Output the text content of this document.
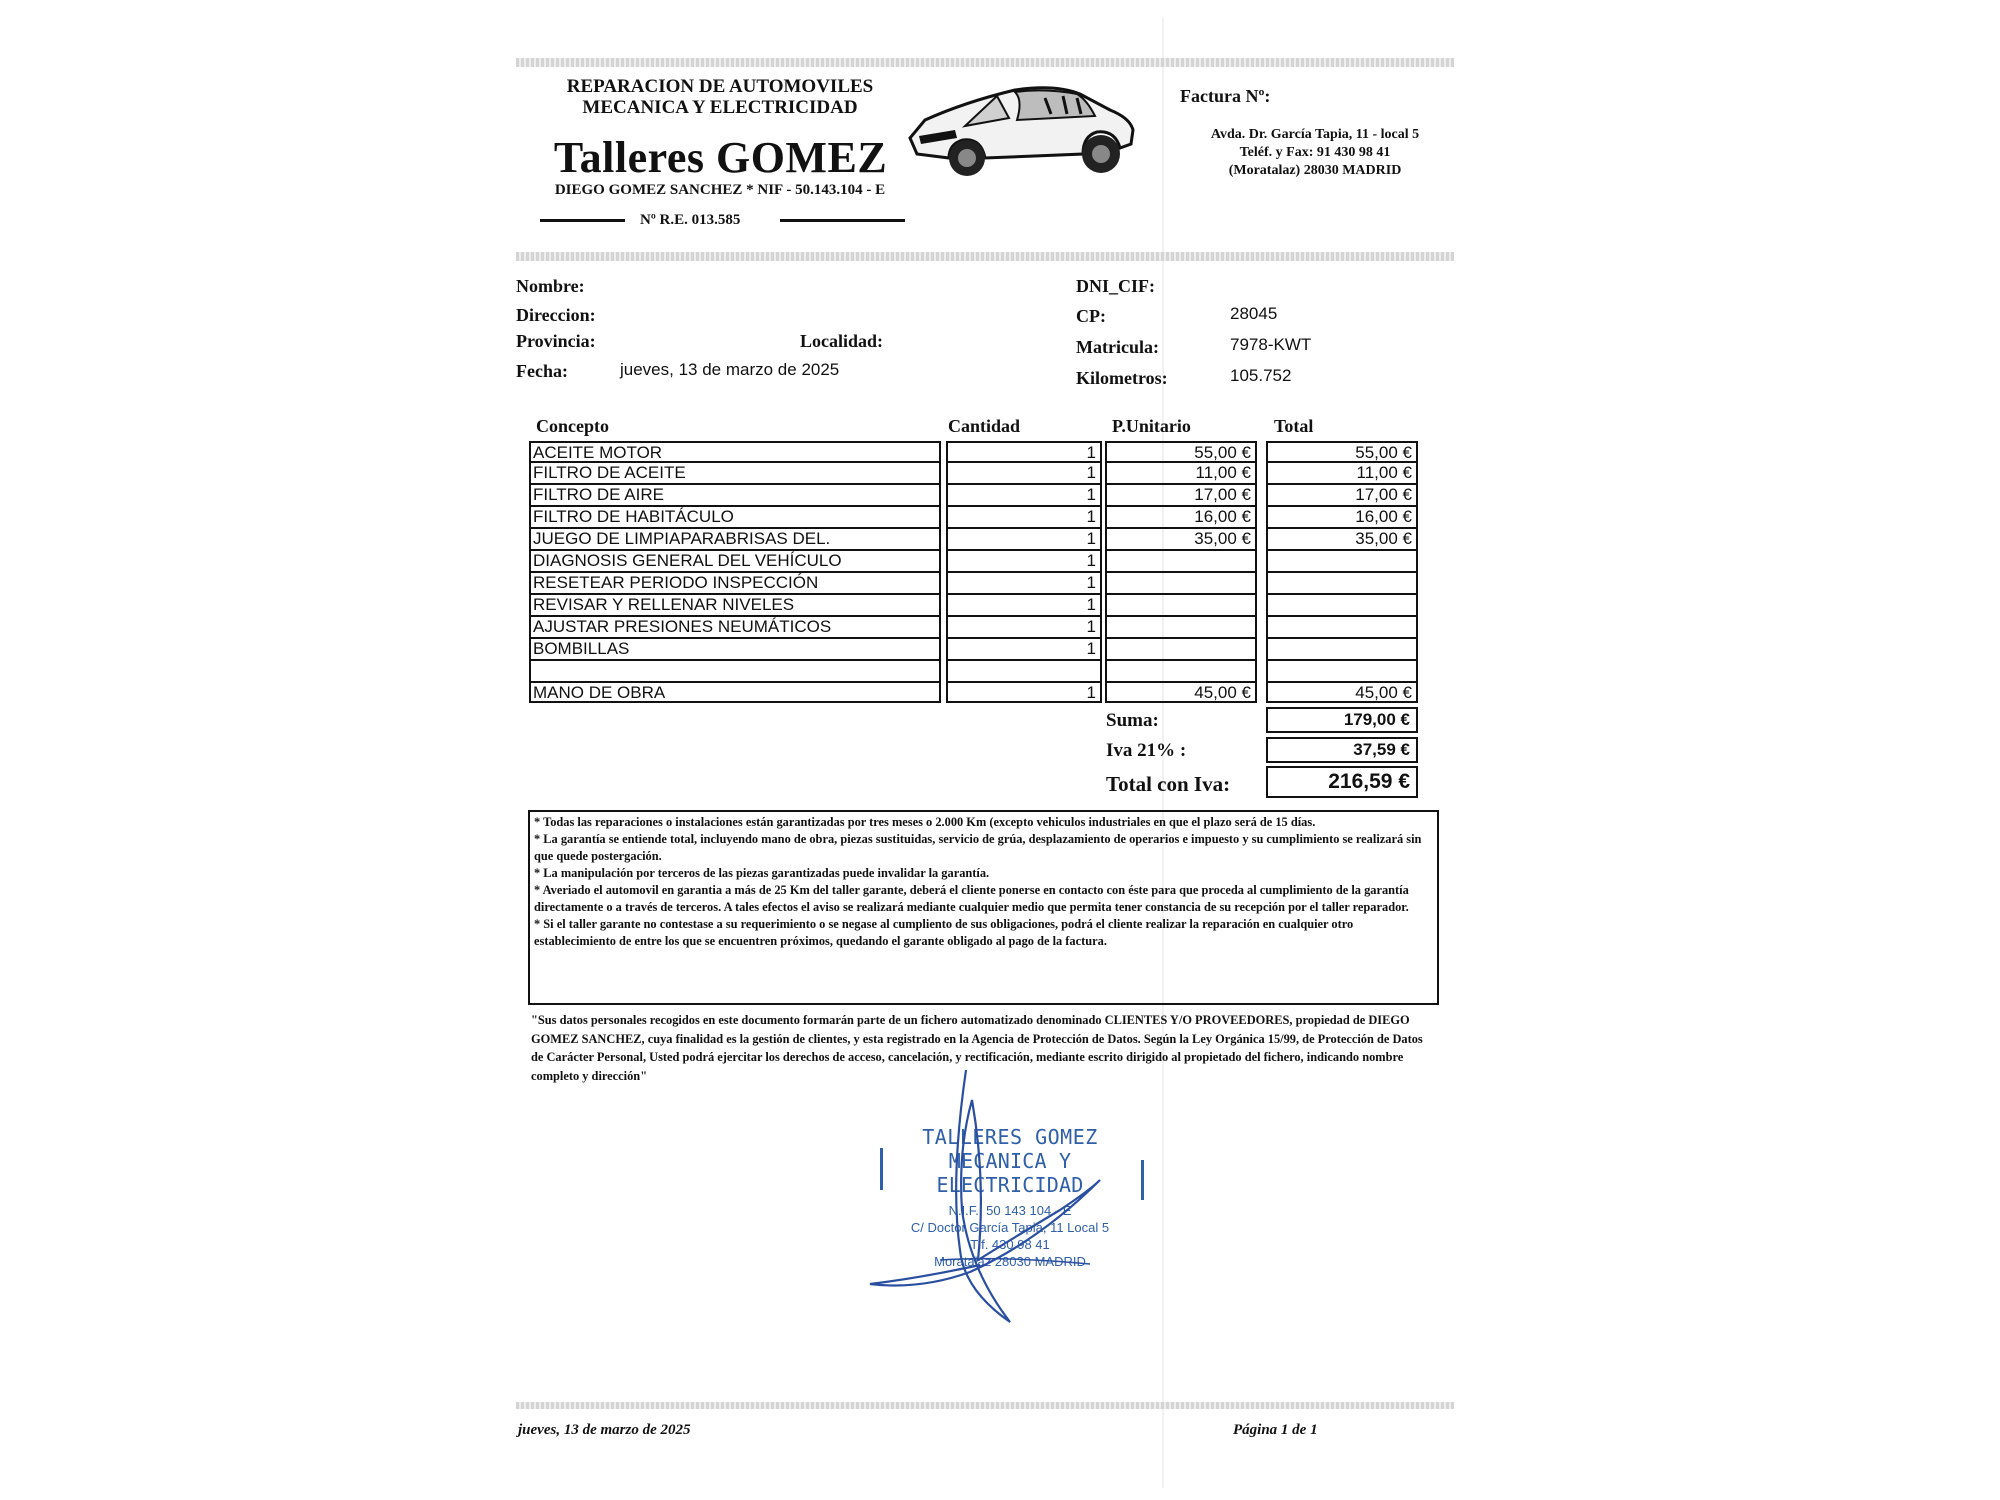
REPARACION DE AUTOMOVILES
MECANICA Y ELECTRICIDAD
Talleres GOMEZ
DIEGO GOMEZ SANCHEZ * NIF - 50.143.104 - E
Nº R.E. 013.585
Factura Nº:
Avda. Dr. García Tapia, 11 - local 5
Teléf. y Fax: 91 430 98 41
(Moratalaz) 28030 MADRID
Nombre:
Direccion:
Provincia:	Localidad:
Fecha:	jueves, 13 de marzo de 2025
DNI_CIF:
CP:	28045
Matricula:	7978-KWT
Kilometros:	105.752
Concepto	Cantidad	P.Unitario	Total
ACEITE MOTOR	1	55,00 €	55,00 €
FILTRO DE ACEITE	1	11,00 €	11,00 €
FILTRO DE AIRE	1	17,00 €	17,00 €
FILTRO DE HABITÁCULO	1	16,00 €	16,00 €
JUEGO DE LIMPIAPARABRISAS DEL.	1	35,00 €	35,00 €
DIAGNOSIS GENERAL DEL VEHÍCULO	1
RESETEAR PERIODO INSPECCIÓN	1
REVISAR Y RELLENAR NIVELES	1
AJUSTAR PRESIONES NEUMÁTICOS	1
BOMBILLAS	1
MANO DE OBRA	1	45,00 €	45,00 €
Suma:	179,00 €
Iva 21% :	37,59 €
Total con Iva:	216,59 €

* Todas las reparaciones o instalaciones están garantizadas por tres meses o 2.000 Km (excepto vehiculos industriales en que el plazo será de 15 días.

* La garantía se entiende total, incluyendo mano de obra, piezas sustituidas, servicio de grúa, desplazamiento de operarios e impuesto y su cumplimiento se realizará sin que quede postergación.

* La manipulación por terceros de las piezas garantizadas puede invalidar la garantía.

* Averiado el automovil en garantia a más de 25 Km del taller garante, deberá el cliente ponerse en contacto con éste para que proceda al cumplimiento de la garantía directamente o a través de terceros. A tales efectos el aviso se realizará mediante cualquier medio que permita tener constancia de su recepción por el taller reparador.

* Si el taller garante no contestase a su requerimiento o se negase al cumpliento de sus obligaciones, podrá el cliente realizar la reparación en cualquier otro establecimiento de entre los que se encuentren próximos, quedando el garante obligado al pago de la factura.

"Sus datos personales recogidos en este documento formarán parte de un fichero automatizado denominado CLIENTES Y/O PROVEEDORES, propiedad de DIEGO GOMEZ SANCHEZ, cuya finalidad es la gestión de clientes, y esta registrado en la Agencia de Protección de Datos. Según la Ley Orgánica 15/99, de Protección de Datos de Carácter Personal, Usted podrá ejercitar los derechos de acceso, cancelación, y rectificación, mediante escrito dirigido al propietado del fichero, indicando nombre completo y dirección"
TALLERES GOMEZ
MECANICA Y ELECTRICIDAD
N.I.F.: 50 143 104 - E
C/ Doctor García Tapia, 11 Local 5
Tlf. 430 98 41
Moratalaz 28030 MADRID
jueves, 13 de marzo de 2025	Página 1 de 1
